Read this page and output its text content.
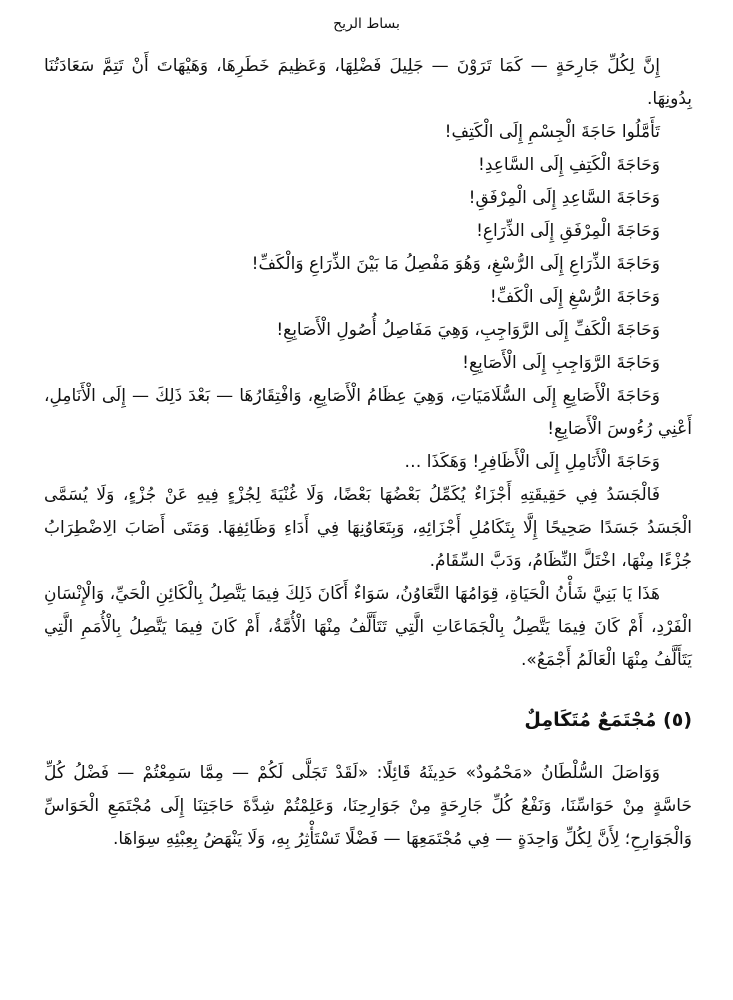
بساط الريح

إِنَّ لِكُلِّ جَارِحَةٍ — كَمَا تَرَوْنَ — جَلِيلَ فَضْلِهَا، وَعَظِيمَ خَطَرِهَا، وَهَيْهَاتَ أَنْ تَتِمَّ سَعَادَتُنَا بِدُونِهَا.

تَأَمَّلُوا حَاجَةَ الْجِسْمِ إِلَى الْكَتِفِ!

وَحَاجَةَ الْكَتِفِ إِلَى السَّاعِدِ!

وَحَاجَةَ السَّاعِدِ إِلَى الْمِرْفَقِ!

وَحَاجَةَ الْمِرْفَقِ إِلَى الذِّرَاعِ!

وَحَاجَةَ الذِّرَاعِ إِلَى الرُّسْغِ، وَهُوَ مَفْصِلُ مَا بَيْنَ الذِّرَاعِ وَالْكَفِّ!

وَحَاجَةَ الرُّسْغِ إِلَى الْكَفِّ!

وَحَاجَةَ الْكَفِّ إِلَى الرَّوَاجِبِ، وَهِيَ مَفَاصِلُ أُصُولِ الْأَصَابِعِ!

وَحَاجَةَ الرَّوَاجِبِ إِلَى الْأَصَابِعِ!

وَحَاجَةَ الْأَصَابِعِ إِلَى السُّلَامَيَاتِ، وَهِيَ عِظَامُ الْأَصَابِعِ، وَافْتِقَارُهَا — بَعْدَ ذَلِكَ — إِلَى الْأَنَامِلِ، أَعْنِي رُءُوسَ الْأَصَابِعِ!

وَحَاجَةَ الْأَنَامِلِ إِلَى الْأَظَافِرِ! وَهَكَذَا …

فَالْجَسَدُ فِي حَقِيقَتِهِ أَجْزَاءٌ يُكَمِّلُ بَعْضُهَا بَعْضًا، وَلَا غُنْيَةَ لِجُزْءٍ فِيهِ عَنْ جُزْءٍ، وَلَا يُسَمَّى الْجَسَدُ جَسَدًا صَحِيحًا إِلَّا بِتَكَامُلِ أَجْزَائِهِ، وَبِتَعَاوُنِهَا فِي أَدَاءِ وَظَائِفِهَا. وَمَتَى أَصَابَ الِاضْطِرَابُ جُزْءًا مِنْهَا، اخْتَلَّ النِّظَامُ، وَدَبَّ السِّقَامُ.

هَذَا يَا بَنِيَّ شَأْنُ الْحَيَاةِ، قِوَامُهَا التَّعَاوُنُ، سَوَاءٌ أَكَانَ ذَلِكَ فِيمَا يَتَّصِلُ بِالْكَائِنِ الْحَيِّ، وَالْإِنْسَانِ الْفَرْدِ، أَمْ كَانَ فِيمَا يَتَّصِلُ بِالْجَمَاعَاتِ الَّتِي تَتَأَلَّفُ مِنْهَا الْأُمَّةُ، أَمْ كَانَ فِيمَا يَتَّصِلُ بِالْأُمَمِ الَّتِي يَتَأَلَّفُ مِنْهَا الْعَالَمُ أَجْمَعُ».

(٥) مُجْتَمَعٌ مُتَكَامِلٌ

وَوَاصَلَ السُّلْطَانُ «مَحْمُودٌ» حَدِيثَهُ قَائِلًا: «لَقَدْ تَجَلَّى لَكُمْ — مِمَّا سَمِعْتُمْ — فَضْلُ كُلِّ حَاسَّةٍ مِنْ حَوَاسِّنَا، وَنَفْعُ كُلِّ جَارِحَةٍ مِنْ جَوَارِحِنَا، وَعَلِمْتُمْ شِدَّةَ حَاجَتِنَا إِلَى مُجْتَمَعِ الْحَوَاسِّ وَالْجَوَارِحِ؛ لِأَنَّ لِكُلِّ وَاحِدَةٍ — فِي مُجْتَمَعِهَا — فَضْلًا تَسْتَأْثِرُ بِهِ، وَلَا يَنْهَضُ بِعِبْئِهِ سِوَاهَا.
